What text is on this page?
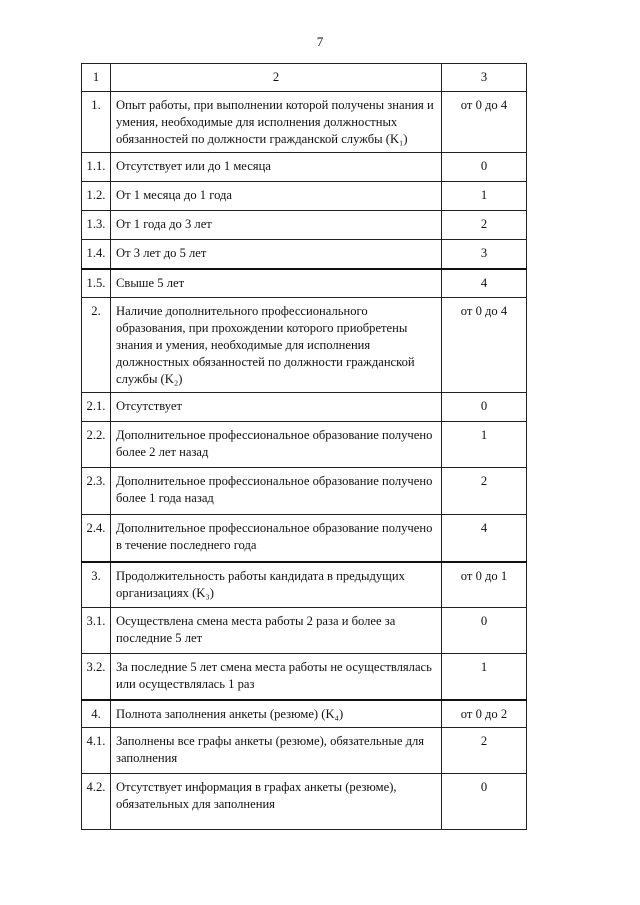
7
1	2	3
1.	Опыт работы, при выполнении которой получены знания и умения, необходимые для исполнения должностных обязанностей по должности гражданской службы (K₁)	от 0 до 4
1.1.	Отсутствует или до 1 месяца	0
1.2.	От 1 месяца до 1 года	1
1.3.	От 1 года до 3 лет	2
1.4.	От 3 лет до 5 лет	3
1.5.	Свыше 5 лет	4
2.	Наличие дополнительного профессионального образования, при прохождении которого приобретены знания и умения, необходимые для исполнения должностных обязанностей по должности гражданской службы (K₂)	от 0 до 4
2.1.	Отсутствует	0
2.2.	Дополнительное профессиональное образование получено более 2 лет назад	1
2.3.	Дополнительное профессиональное образование получено более 1 года назад	2
2.4.	Дополнительное профессиональное образование получено в течение последнего года	4
3.	Продолжительность работы кандидата в предыдущих организациях (K₃)	от 0 до 1
3.1.	Осуществлена смена места работы 2 раза и более за последние 5 лет	0
3.2.	За последние 5 лет смена места работы не осуществлялась или осуществлялась 1 раз	1
4.	Полнота заполнения анкеты (резюме) (K₄)	от 0 до 2
4.1.	Заполнены все графы анкеты (резюме), обязательные для заполнения	2
4.2.	Отсутствует информация в графах анкеты (резюме), обязательных для заполнения	0
